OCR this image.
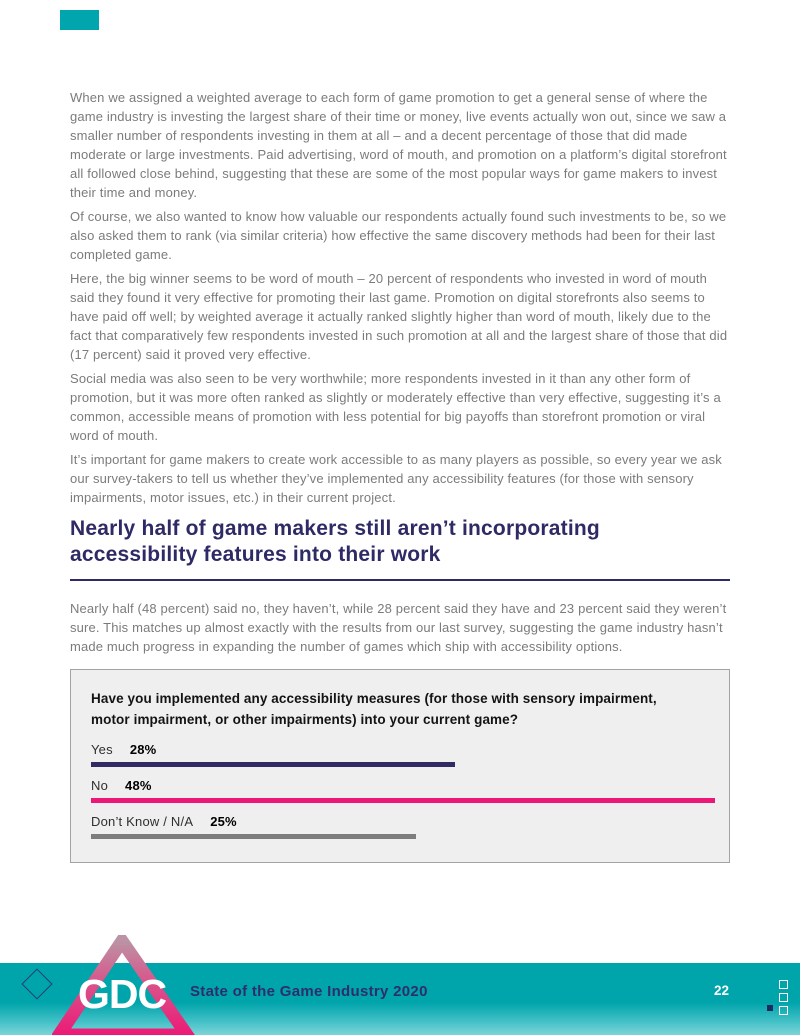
When we assigned a weighted average to each form of game promotion to get a general sense of where the game industry is investing the largest share of their time or money, live events actually won out, since we saw a smaller number of respondents investing in them at all – and a decent percentage of those that did made moderate or large investments. Paid advertising, word of mouth, and promotion on a platform’s digital storefront all followed close behind, suggesting that these are some of the most popular ways for game makers to invest their time and money.

Of course, we also wanted to know how valuable our respondents actually found such investments to be, so we also asked them to rank (via similar criteria) how effective the same discovery methods had been for their last completed game.

Here, the big winner seems to be word of mouth – 20 percent of respondents who invested in word of mouth said they found it very effective for promoting their last game. Promotion on digital storefronts also seems to have paid off well; by weighted average it actually ranked slightly higher than word of mouth, likely due to the fact that comparatively few respondents invested in such promotion at all and the largest share of those that did (17 percent) said it proved very effective.

Social media was also seen to be very worthwhile; more respondents invested in it than any other form of promotion, but it was more often ranked as slightly or moderately effective than very effective, suggesting it’s a common, accessible means of promotion with less potential for big payoffs than storefront promotion or viral word of mouth.

It’s important for game makers to create work accessible to as many players as possible, so every year we ask our survey-takers to tell us whether they’ve implemented any accessibility features (for those with sensory impairments, motor issues, etc.) in their current project.

Nearly half of game makers still aren’t incorporating accessibility features into their work

Nearly half (48 percent) said no, they haven’t, while 28 percent said they have and 23 percent said they weren’t sure. This matches up almost exactly with the results from our last survey, suggesting the game industry hasn’t made much progress in expanding the number of games which ship with accessibility options.

Have you implemented any accessibility measures (for those with sensory impairment, motor impairment, or other impairments) into your current game?

Yes 28%
No 48%
Don’t Know / N/A 25%
GDC State of the Game Industry 2020	22
